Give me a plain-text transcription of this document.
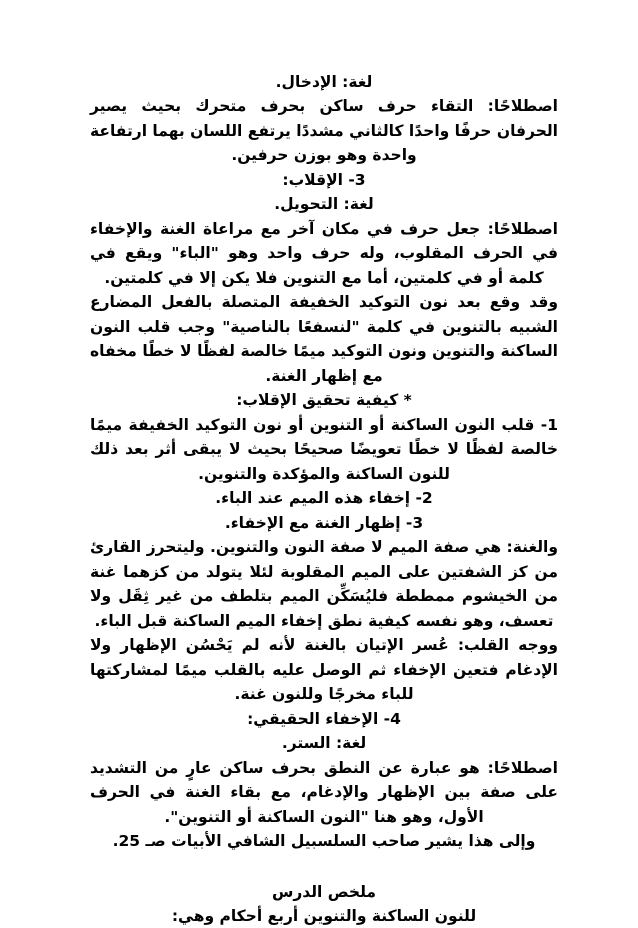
لغة: الإدخال.
اصطلاحًا: التقاء حرف ساكن بحرف متحرك بحيث يصير الحرفان حرفًا واحدًا كالثاني مشددًا يرتفع اللسان بهما ارتفاعة واحدة وهو بوزن حرفين.
3- الإقلاب:
لغة: التحويل.
اصطلاحًا: جعل حرف في مكان آخر مع مراعاة الغنة والإخفاء في الحرف المقلوب، وله حرف واحد وهو "الباء" ويقع في كلمة أو في كلمتين، أما مع التنوين فلا يكن إلا في كلمتين.
وقد وقع بعد نون التوكيد الخفيفة المتصلة بالفعل المضارع الشبيه بالتنوين في كلمة "لنسفعًا بالناصية" وجب قلب النون الساكنة والتنوين ونون التوكيد ميمًا خالصة لفظًا لا خطًا مخفاه مع إظهار الغنة.
* كيفية تحقيق الإقلاب:
1- قلب النون الساكنة أو التنوين أو نون التوكيد الخفيفة ميمًا خالصة لفظًا لا خطًا تعويضًا صحيحًا بحيث لا يبقى أثر بعد ذلك للنون الساكنة والمؤكدة والتنوين.
2- إخفاء هذه الميم عند الباء.
3- إظهار الغنة مع الإخفاء.
والغنة: هي صفة الميم لا صفة النون والتنوين. وليتحرز القارئ من كز الشفتين على الميم المقلوبة لئلا يتولد من كزهما غنة من الخيشوم ممططة فليُسَكِّن الميم بتلطف من غير ثِقَل ولا تعسف، وهو نفسه كيفية نطق إخفاء الميم الساكنة قبل الباء.
ووجه القلب: عُسر الإتيان بالغنة لأنه لم يَحْسُن الإظهار ولا الإدغام فتعين الإخفاء ثم الوصل عليه بالقلب ميمًا لمشاركتها للباء مخرجًا وللنون غنة.
4- الإخفاء الحقيقي:
لغة: الستر.
اصطلاحًا: هو عبارة عن النطق بحرف ساكن عارٍ من التشديد على صفة بين الإظهار والإدغام، مع بقاء الغنة في الحرف الأول، وهو هنا "النون الساكنة أو التنوين".
وإلى هذا يشير صاحب السلسبيل الشافي الأبيات صـ 25.
ملخص الدرس
للنون الساكنة والتنوين أربع أحكام وهي:
